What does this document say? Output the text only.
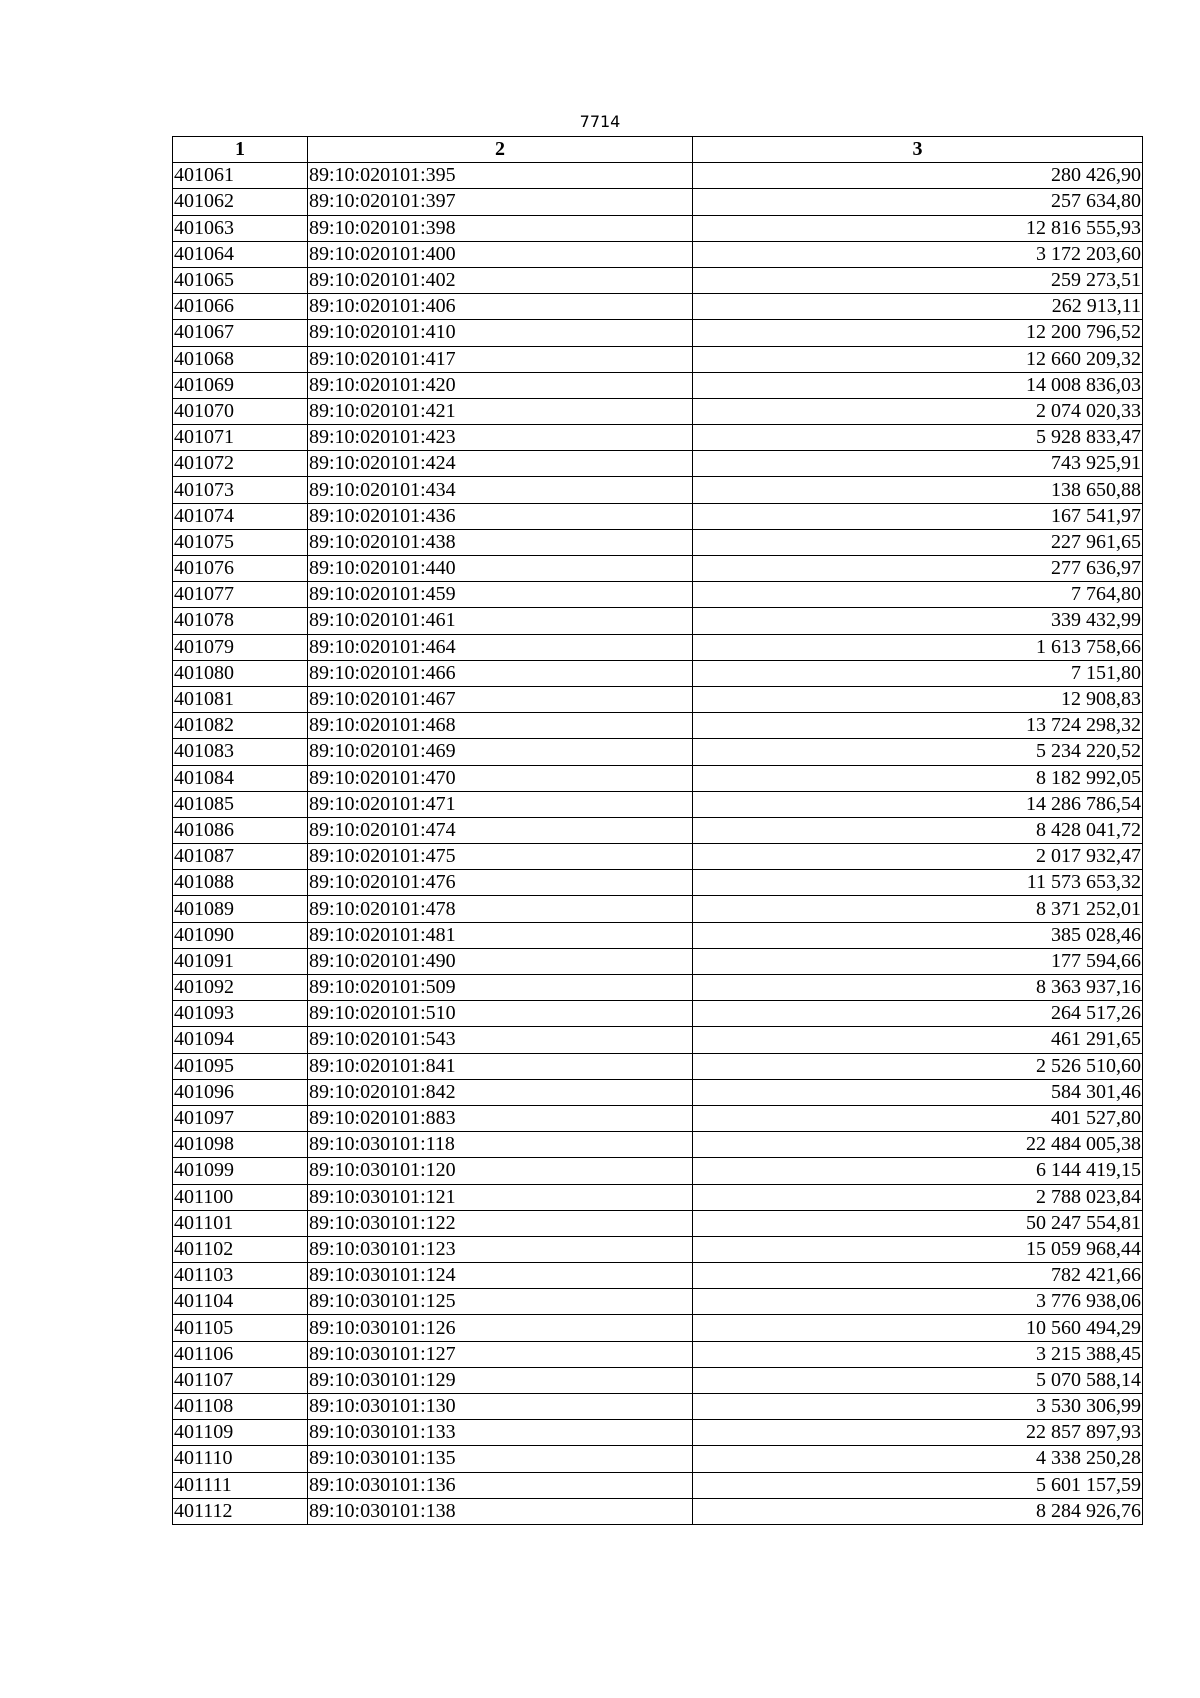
7714
1	2	3
401061	89:10:020101:395	280 426,90
401062	89:10:020101:397	257 634,80
401063	89:10:020101:398	12 816 555,93
401064	89:10:020101:400	3 172 203,60
401065	89:10:020101:402	259 273,51
401066	89:10:020101:406	262 913,11
401067	89:10:020101:410	12 200 796,52
401068	89:10:020101:417	12 660 209,32
401069	89:10:020101:420	14 008 836,03
401070	89:10:020101:421	2 074 020,33
401071	89:10:020101:423	5 928 833,47
401072	89:10:020101:424	743 925,91
401073	89:10:020101:434	138 650,88
401074	89:10:020101:436	167 541,97
401075	89:10:020101:438	227 961,65
401076	89:10:020101:440	277 636,97
401077	89:10:020101:459	7 764,80
401078	89:10:020101:461	339 432,99
401079	89:10:020101:464	1 613 758,66
401080	89:10:020101:466	7 151,80
401081	89:10:020101:467	12 908,83
401082	89:10:020101:468	13 724 298,32
401083	89:10:020101:469	5 234 220,52
401084	89:10:020101:470	8 182 992,05
401085	89:10:020101:471	14 286 786,54
401086	89:10:020101:474	8 428 041,72
401087	89:10:020101:475	2 017 932,47
401088	89:10:020101:476	11 573 653,32
401089	89:10:020101:478	8 371 252,01
401090	89:10:020101:481	385 028,46
401091	89:10:020101:490	177 594,66
401092	89:10:020101:509	8 363 937,16
401093	89:10:020101:510	264 517,26
401094	89:10:020101:543	461 291,65
401095	89:10:020101:841	2 526 510,60
401096	89:10:020101:842	584 301,46
401097	89:10:020101:883	401 527,80
401098	89:10:030101:118	22 484 005,38
401099	89:10:030101:120	6 144 419,15
401100	89:10:030101:121	2 788 023,84
401101	89:10:030101:122	50 247 554,81
401102	89:10:030101:123	15 059 968,44
401103	89:10:030101:124	782 421,66
401104	89:10:030101:125	3 776 938,06
401105	89:10:030101:126	10 560 494,29
401106	89:10:030101:127	3 215 388,45
401107	89:10:030101:129	5 070 588,14
401108	89:10:030101:130	3 530 306,99
401109	89:10:030101:133	22 857 897,93
401110	89:10:030101:135	4 338 250,28
401111	89:10:030101:136	5 601 157,59
401112	89:10:030101:138	8 284 926,76
